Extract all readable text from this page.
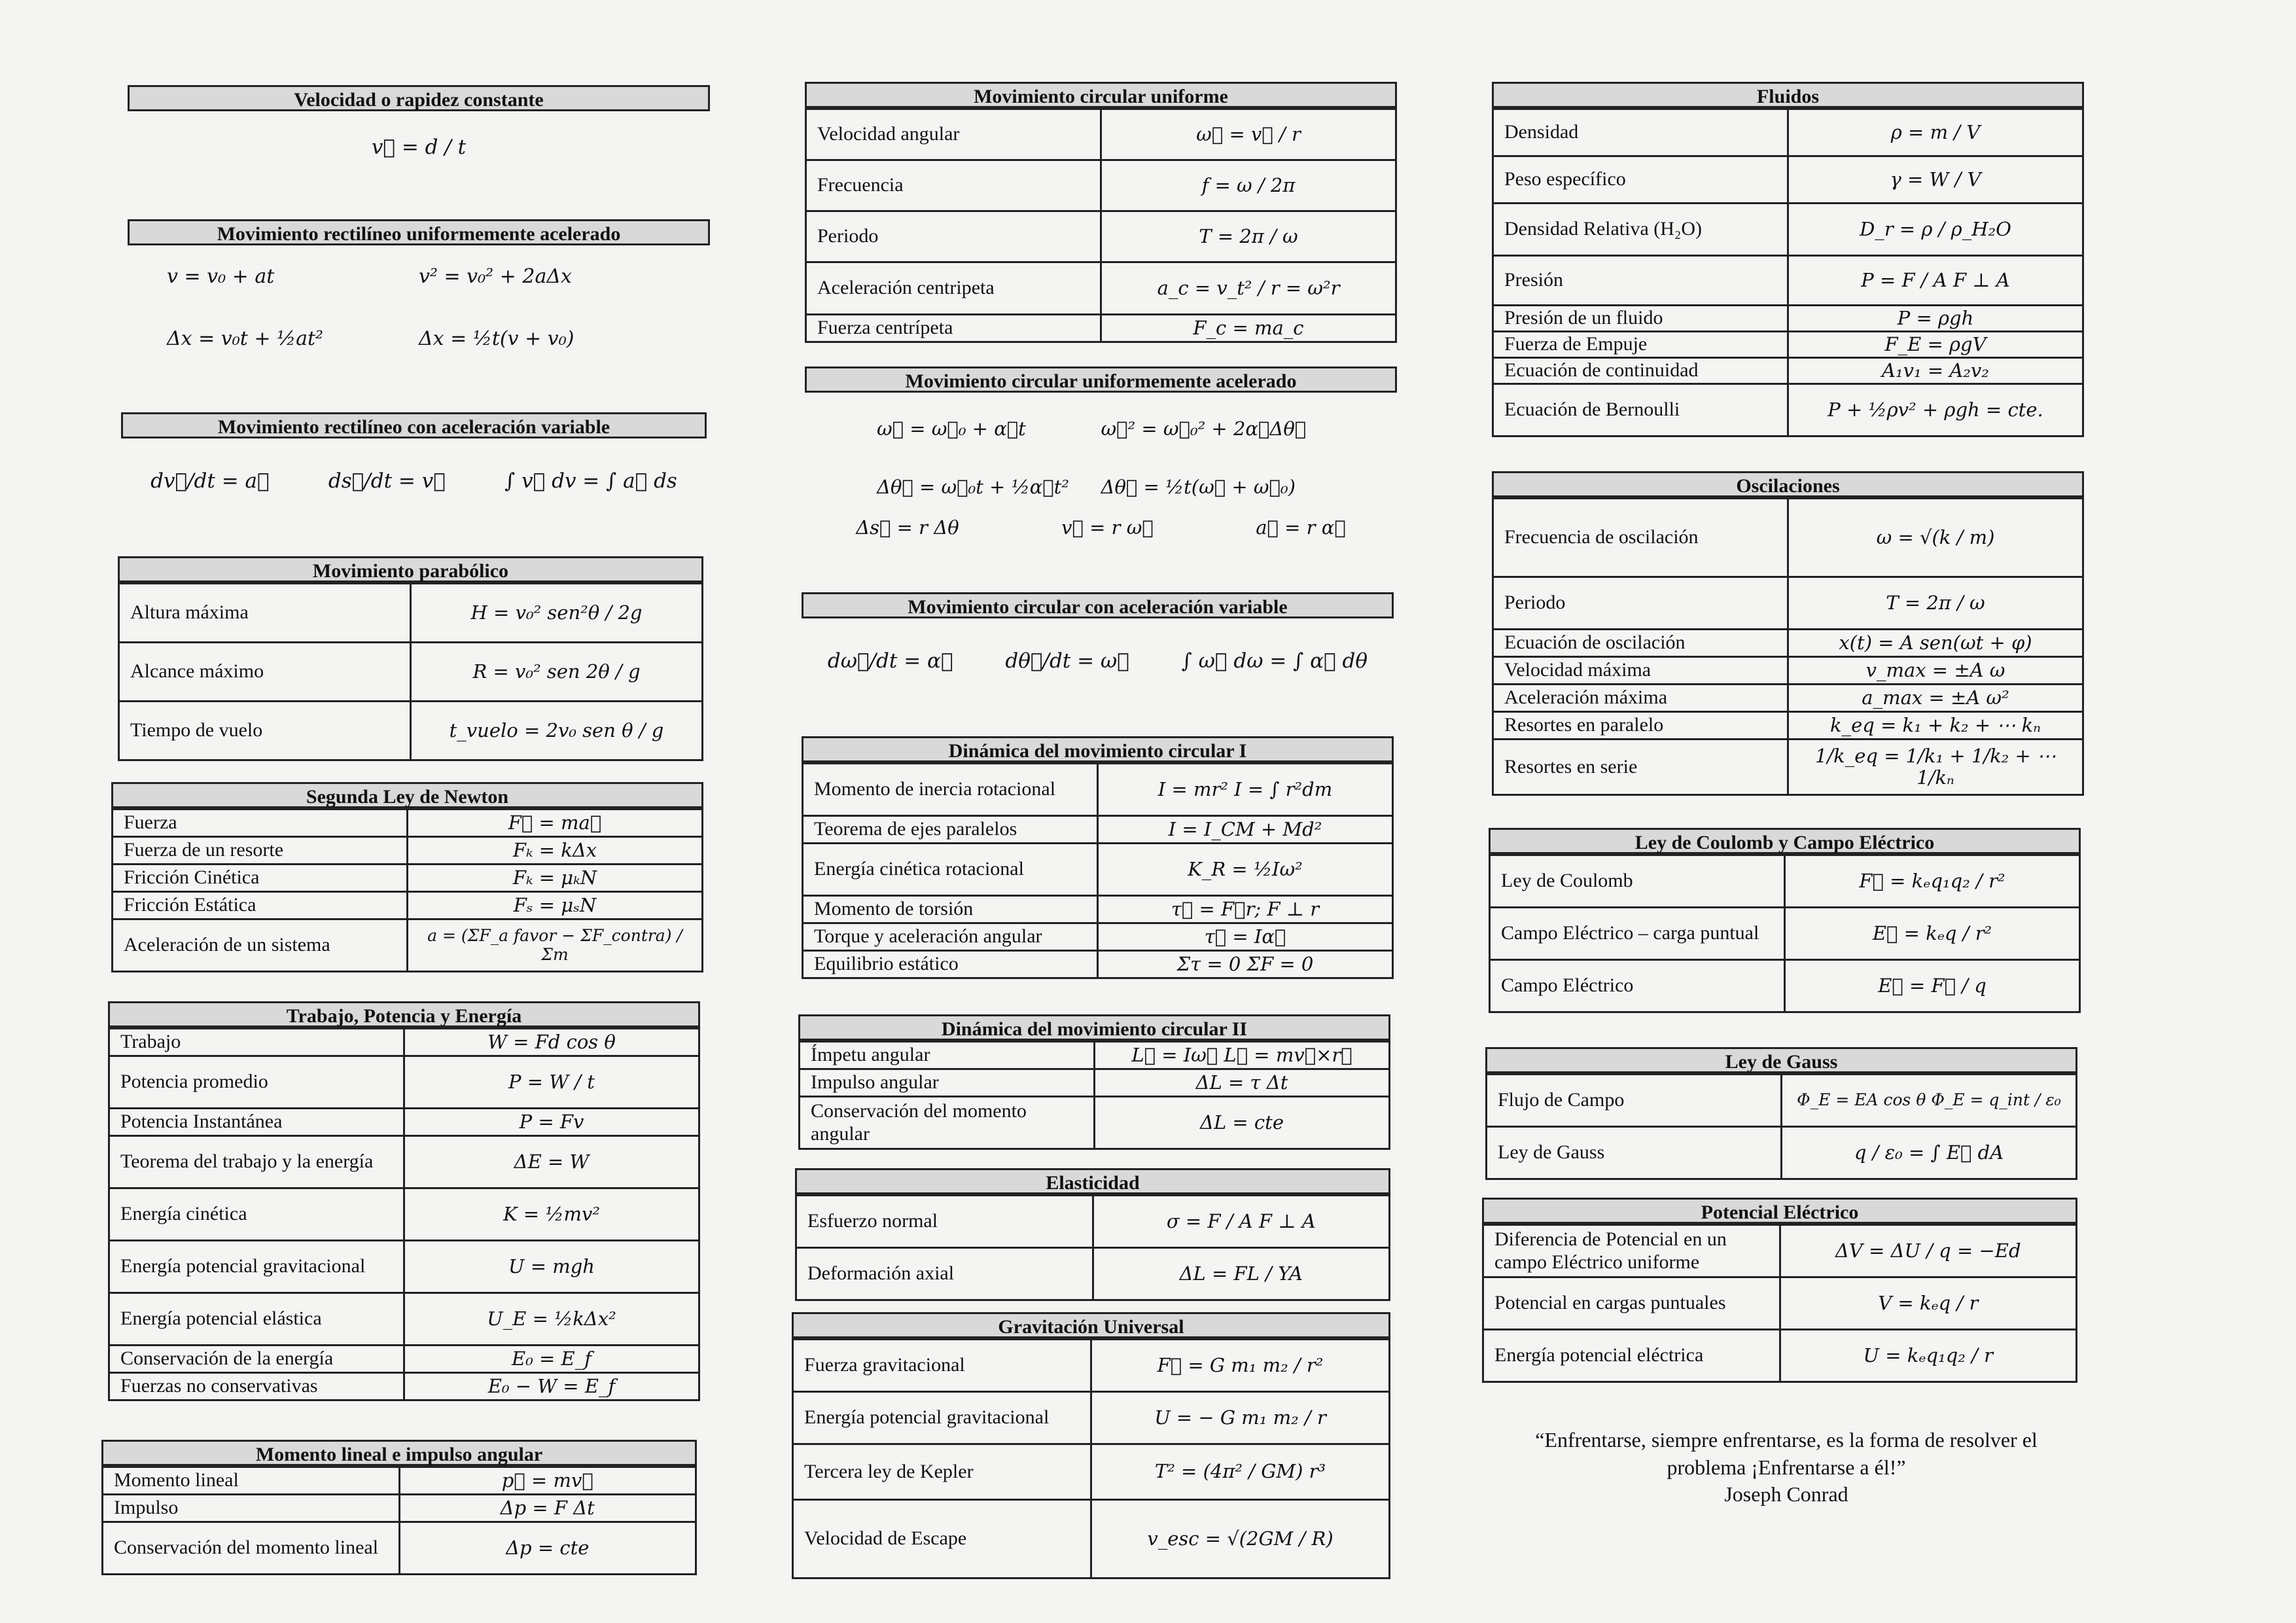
Velocidad o rapidez constante
v⃗ = d / t
Movimiento rectilíneo uniformemente acelerado
v = v₀ + at	v² = v₀² + 2aΔx
Δx = v₀t + ½at²	Δx = ½t(v + v₀)
Movimiento rectilíneo con aceleración variable
dv⃗/dt = a⃗	ds⃗/dt = v⃗	∫ v⃗ dv = ∫ a⃗ ds
Movimiento parabólico
Altura máxima	H = v₀² sen²θ / 2g
Alcance máximo	R = v₀² sen 2θ / g
Tiempo de vuelo	t_vuelo = 2v₀ sen θ / g
Segunda Ley de Newton
Fuerza	F⃗ = ma⃗
Fuerza de un resorte	Fₖ = kΔx
Fricción Cinética	Fₖ = μₖN
Fricción Estática	Fₛ = μₛN
Aceleración de un sistema	a = (ΣF_a favor − ΣF_contra) / Σm
Trabajo, Potencia y Energía
Trabajo	W = Fd cos θ
Potencia promedio	P = W / t
Potencia Instantánea	P = Fv
Teorema del trabajo y la energía	ΔE = W
Energía cinética	K = ½mv²
Energía potencial gravitacional	U = mgh
Energía potencial elástica	U_E = ½kΔx²
Conservación de la energía	E₀ = E_f
Fuerzas no conservativas	E₀ − W = E_f
Momento lineal e impulso angular
Momento lineal	p⃗ = mv⃗
Impulso	Δp = F Δt
Conservación del momento lineal	Δp = cte
Movimiento circular uniforme
Velocidad angular	ω⃗ = v⃗ / r
Frecuencia	f = ω / 2π
Periodo	T = 2π / ω
Aceleración centripeta	a_c = v_t² / r = ω²r
Fuerza centrípeta	F_c = ma_c
Movimiento circular uniformemente acelerado
ω⃗ = ω⃗₀ + α⃗t	ω⃗² = ω⃗₀² + 2α⃗Δθ⃗
Δθ⃗ = ω⃗₀t + ½α⃗t²	Δθ⃗ = ½t(ω⃗ + ω⃗₀)
Δs⃗ = r Δθ	v⃗ = r ω⃗	a⃗ = r α⃗
Movimiento circular con aceleración variable
dω⃗/dt = α⃗	dθ⃗/dt = ω⃗	∫ ω⃗ dω = ∫ α⃗ dθ
Dinámica del movimiento circular I
Momento de inercia rotacional	I = mr² I = ∫ r²dm
Teorema de ejes paralelos	I = I_CM + Md²
Energía cinética rotacional	K_R = ½Iω²
Momento de torsión	τ⃗ = F⃗r; F ⊥ r
Torque y aceleración angular	τ⃗ = Iα⃗
Equilibrio estático	Στ = 0 ΣF = 0
Dinámica del movimiento circular II
Ímpetu angular	L⃗ = Iω⃗ L⃗ = mv⃗×r⃗
Impulso angular	ΔL = τ Δt
Conservación del momento angular	ΔL = cte
Elasticidad
Esfuerzo normal	σ = F / A F ⊥ A
Deformación axial	ΔL = FL / YA
Gravitación Universal
Fuerza gravitacional	F⃗ = G m₁ m₂ / r²
Energía potencial gravitacional	U = − G m₁ m₂ / r
Tercera ley de Kepler	T² = (4π² / GM) r³
Velocidad de Escape	v_esc = √(2GM / R)
Fluidos
Densidad	ρ = m / V
Peso específico	γ = W / V
Densidad Relativa (H₂O)	D_r = ρ / ρ_H₂O
Presión	P = F / A F ⊥ A
Presión de un fluido	P = ρgh
Fuerza de Empuje	F_E = ρgV
Ecuación de continuidad	A₁v₁ = A₂v₂
Ecuación de Bernoulli	P + ½ρv² + ρgh = cte.
Oscilaciones
Frecuencia de oscilación	ω = √(k / m)
Periodo	T = 2π / ω
Ecuación de oscilación	x(t) = A sen(ωt + φ)
Velocidad máxima	v_max = ±A ω
Aceleración máxima	a_max = ±A ω²
Resortes en paralelo	k_eq = k₁ + k₂ + ⋯ kₙ
Resortes en serie	1/k_eq = 1/k₁ + 1/k₂ + ⋯ 1/kₙ
Ley de Coulomb y Campo Eléctrico
Ley de Coulomb	F⃗ = kₑq₁q₂ / r²
Campo Eléctrico – carga puntual	E⃗ = kₑq / r²
Campo Eléctrico	E⃗ = F⃗ / q
Ley de Gauss
Flujo de Campo	Φ_E = EA cos θ Φ_E = q_int / ε₀
Ley de Gauss	q / ε₀ = ∫ E⃗ dA
Potencial Eléctrico
Diferencia de Potencial en un campo Eléctrico uniforme	ΔV = ΔU / q = −Ed
Potencial en cargas puntuales	V = kₑq / r
Energía potencial eléctrica	U = kₑq₁q₂ / r
“Enfrentarse, siempre enfrentarse, es la forma de resolver el
problema ¡Enfrentarse a él!”
Joseph Conrad
